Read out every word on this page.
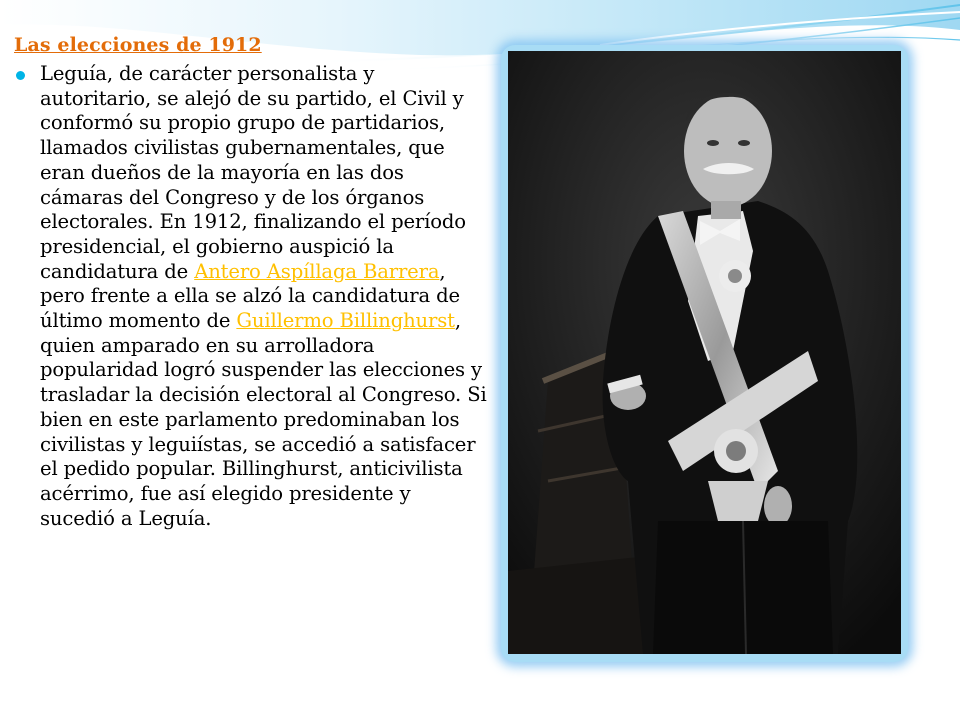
Las elecciones de 1912

Leguía, de carácter personalista y autoritario, se alejó de su partido, el Civil y conformó su propio grupo de partidarios, llamados civilistas gubernamentales, que eran dueños de la mayoría en las dos cámaras del Congreso y de los órganos electorales. En 1912, finalizando el período presidencial, el gobierno auspició la candidatura de Antero Aspíllaga Barrera, pero frente a ella se alzó la candidatura de último momento de Guillermo Billinghurst, quien amparado en su arrolladora popularidad logró suspender las elecciones y trasladar la decisión electoral al Congreso. Si bien en este parlamento predominaban los civilistas y leguiístas, se accedió a satisfacer el pedido popular. Billinghurst, anticivilista acérrimo, fue así elegido presidente y sucedió a Leguía.
